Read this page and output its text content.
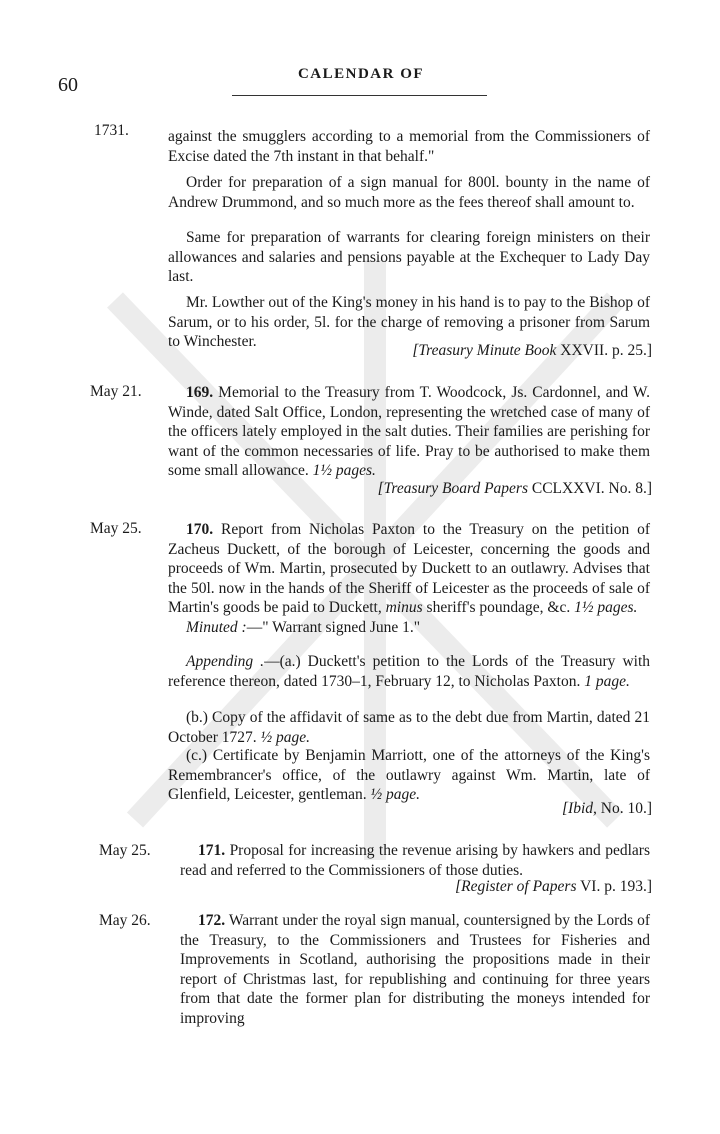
60	CALENDAR OF
1731.	against the smugglers according to a memorial from the Commissioners of Excise dated the 7th instant in that behalf."

Order for preparation of a sign manual for 800l. bounty in the name of Andrew Drummond, and so much more as the fees thereof shall amount to.

Same for preparation of warrants for clearing foreign ministers on their allowances and salaries and pensions payable at the Exchequer to Lady Day last.

Mr. Lowther out of the King's money in his hand is to pay to the Bishop of Sarum, or to his order, 5l. for the charge of removing a prisoner from Sarum to Winchester.

[Treasury Minute Book XXVII. p. 25.]
May 21.	169. Memorial to the Treasury from T. Woodcock, Js. Cardonnel, and W. Winde, dated Salt Office, London, representing the wretched case of many of the officers lately employed in the salt duties. Their families are perishing for want of the common necessaries of life. Pray to be authorised to make them some small allowance. 1½ pages.

[Treasury Board Papers CCLXXVI. No. 8.]
May 25.	170. Report from Nicholas Paxton to the Treasury on the petition of Zacheus Duckett, of the borough of Leicester, concerning the goods and proceeds of Wm. Martin, prosecuted by Duckett to an outlawry. Advises that the 50l. now in the hands of the Sheriff of Leicester as the proceeds of sale of Martin's goods be paid to Duckett, minus sheriff's poundage, &c. 1½ pages.

Minuted :—" Warrant signed June 1."

Appending .—(a.) Duckett's petition to the Lords of the Treasury with reference thereon, dated 1730–1, February 12, to Nicholas Paxton. 1 page.

(b.) Copy of the affidavit of same as to the debt due from Martin, dated 21 October 1727. ½ page.

(c.) Certificate by Benjamin Marriott, one of the attorneys of the King's Remembrancer's office, of the outlawry against Wm. Martin, late of Glenfield, Leicester, gentleman. ½ page.

[Ibid, No. 10.]
May 25.	171. Proposal for increasing the revenue arising by hawkers and pedlars read and referred to the Commissioners of those duties.

[Register of Papers VI. p. 193.]
May 26.	172. Warrant under the royal sign manual, countersigned by the Lords of the Treasury, to the Commissioners and Trustees for Fisheries and Improvements in Scotland, authorising the propositions made in their report of Christmas last, for republishing and continuing for three years from that date the former plan for distributing the moneys intended for improving
